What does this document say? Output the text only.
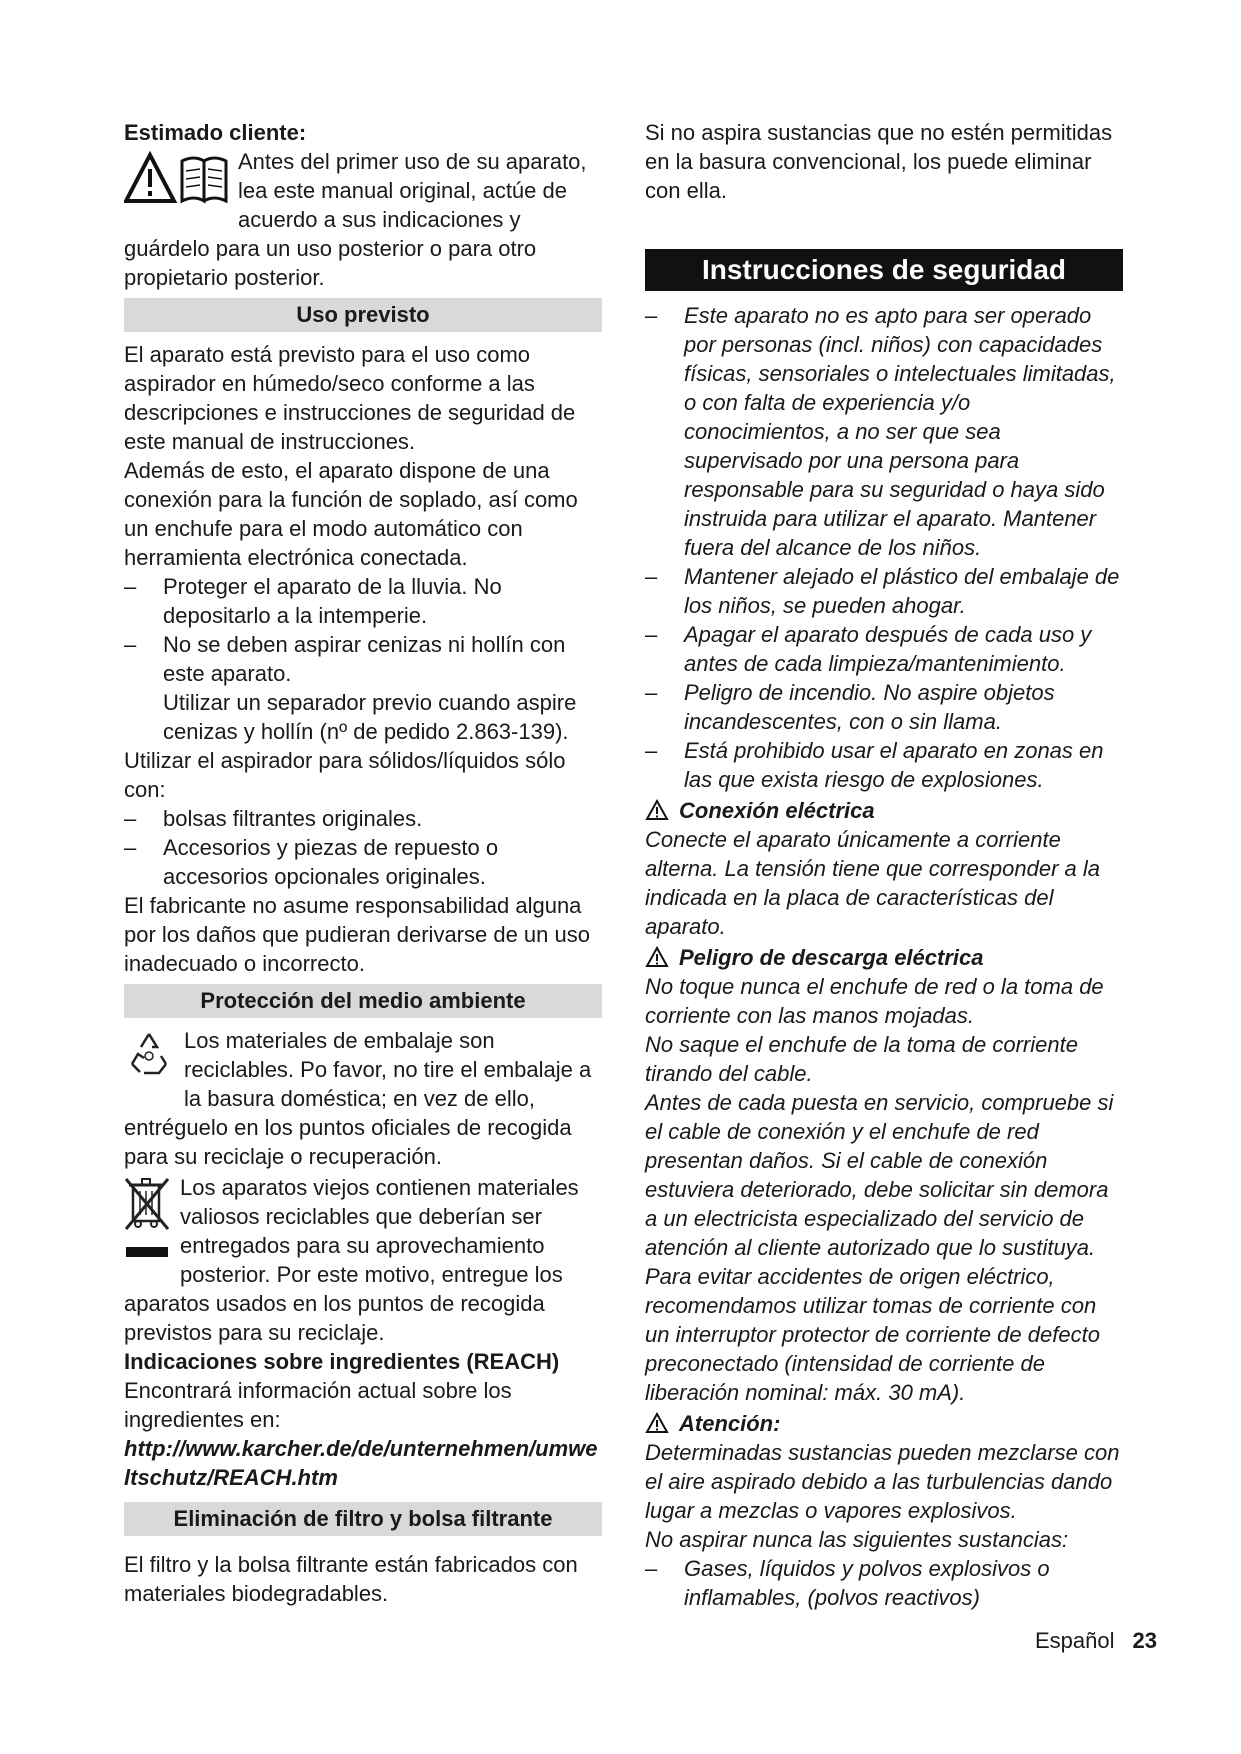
Estimado cliente:

Antes del primer uso de su aparato, lea este manual original, actúe de acuerdo a sus indicaciones y guárdelo para un uso posterior o para otro propietario posterior.
Uso previsto

El aparato está previsto para el uso como aspirador en húmedo/seco conforme a las descripciones e instrucciones de seguridad de este manual de instrucciones.

Además de esto, el aparato dispone de una conexión para la función de soplado, así como un enchufe para el modo automático con herramienta electrónica conectada.

– Proteger el aparato de la lluvia. No depositarlo a la intemperie.
– No se deben aspirar cenizas ni hollín con este aparato.

Utilizar un separador previo cuando aspire cenizas y hollín (nº de pedido 2.863-139).

Utilizar el aspirador para sólidos/líquidos sólo con:

– bolsas filtrantes originales.
– Accesorios y piezas de repuesto o accesorios opcionales originales.

El fabricante no asume responsabilidad alguna por los daños que pudieran derivarse de un uso inadecuado o incorrecto.

Protección del medio ambiente
Los materiales de embalaje son reciclables. Po favor, no tire el embalaje a la basura doméstica; en vez de ello, entréguelo en los puntos oficiales de recogida para su reciclaje o recuperación.
Los aparatos viejos contienen materiales valiosos reciclables que deberían ser entregados para su aprovechamiento posterior. Por este motivo, entregue los aparatos usados en los puntos de recogida previstos para su reciclaje.

Indicaciones sobre ingredientes (REACH)

Encontrará información actual sobre los ingredientes en:

http://www.karcher.de/de/unternehmen/umweltschutz/REACH.htm

Eliminación de filtro y bolsa filtrante

El filtro y la bolsa filtrante están fabricados con materiales biodegradables.

Si no aspira sustancias que no estén permitidas en la basura convencional, los puede eliminar con ella.

Instrucciones de seguridad
– Este aparato no es apto para ser operado por personas (incl. niños) con capacidades físicas, sensoriales o intelectuales limitadas, o con falta de experiencia y/o conocimientos, a no ser que sea supervisado por una persona para responsable para su seguridad o haya sido instruida para utilizar el aparato. Mantener fuera del alcance de los niños.
– Mantener alejado el plástico del embalaje de los niños, se pueden ahogar.
– Apagar el aparato después de cada uso y antes de cada limpieza/mantenimiento.
– Peligro de incendio. No aspire objetos incandescentes, con o sin llama.
– Está prohibido usar el aparato en zonas en las que exista riesgo de explosiones.

Conexión eléctrica

Conecte el aparato únicamente a corriente alterna. La tensión tiene que corresponder a la indicada en la placa de características del aparato.

Peligro de descarga eléctrica

No toque nunca el enchufe de red o la toma de corriente con las manos mojadas.

No saque el enchufe de la toma de corriente tirando del cable.

Antes de cada puesta en servicio, compruebe si el cable de conexión y el enchufe de red presentan daños. Si el cable de conexión estuviera deteriorado, debe solicitar sin demora a un electricista especializado del servicio de atención al cliente autorizado que lo sustituya.

Para evitar accidentes de origen eléctrico, recomendamos utilizar tomas de corriente con un interruptor protector de corriente de defecto preconectado (intensidad de corriente de liberación nominal: máx. 30 mA).

Atención:

Determinadas sustancias pueden mezclarse con el aire aspirado debido a las turbulencias dando lugar a mezclas o vapores explosivos.

No aspirar nunca las siguientes sustancias:

– Gases, líquidos y polvos explosivos o inflamables, (polvos reactivos)
Español 23
